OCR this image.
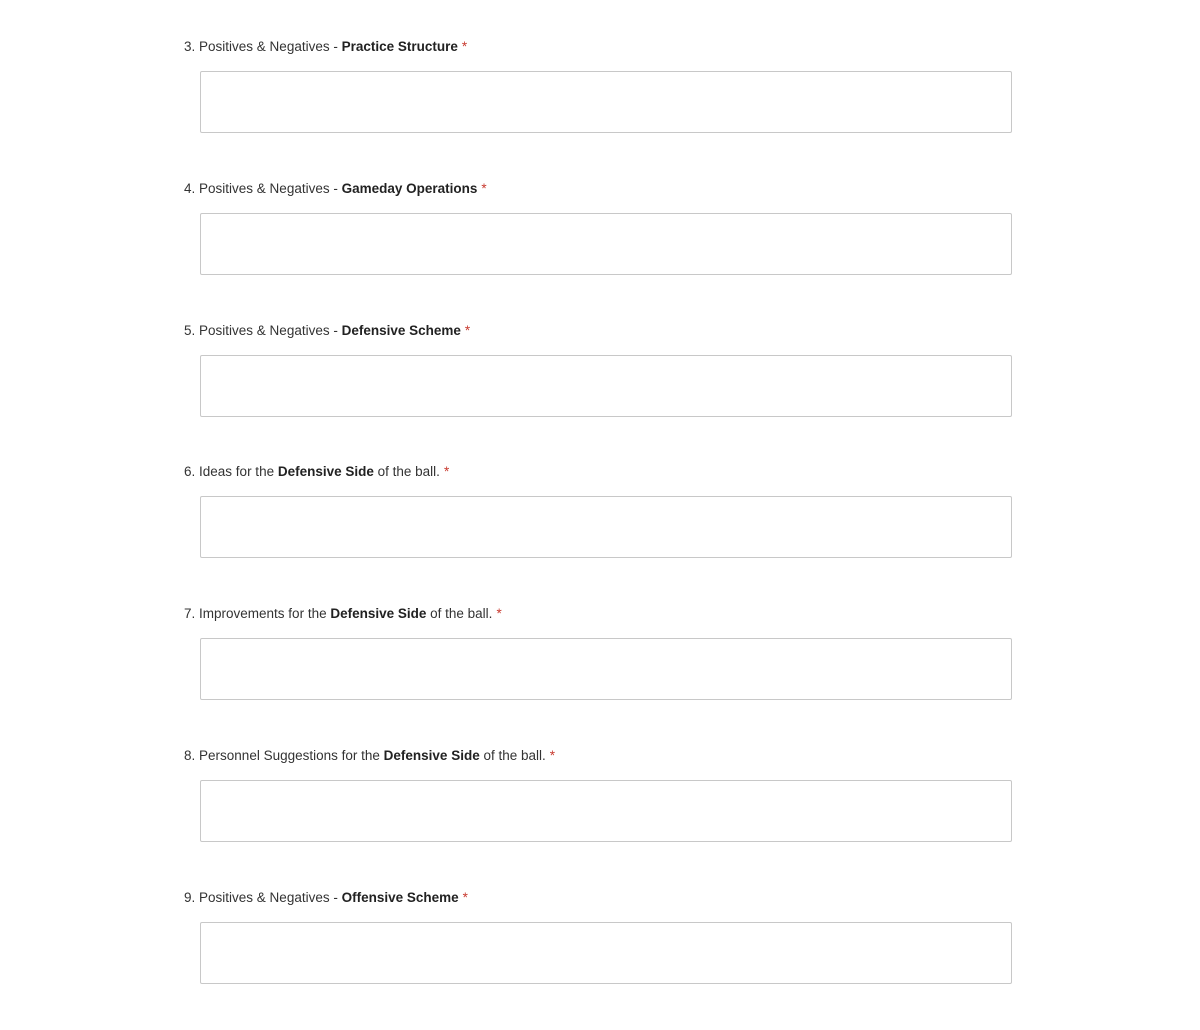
3. Positives & Negatives - Practice Structure *
4. Positives & Negatives - Gameday Operations *
5. Positives & Negatives - Defensive Scheme *
6. Ideas for the Defensive Side of the ball. *
7. Improvements for the Defensive Side of the ball. *
8. Personnel Suggestions for the Defensive Side of the ball. *
9. Positives & Negatives - Offensive Scheme *
